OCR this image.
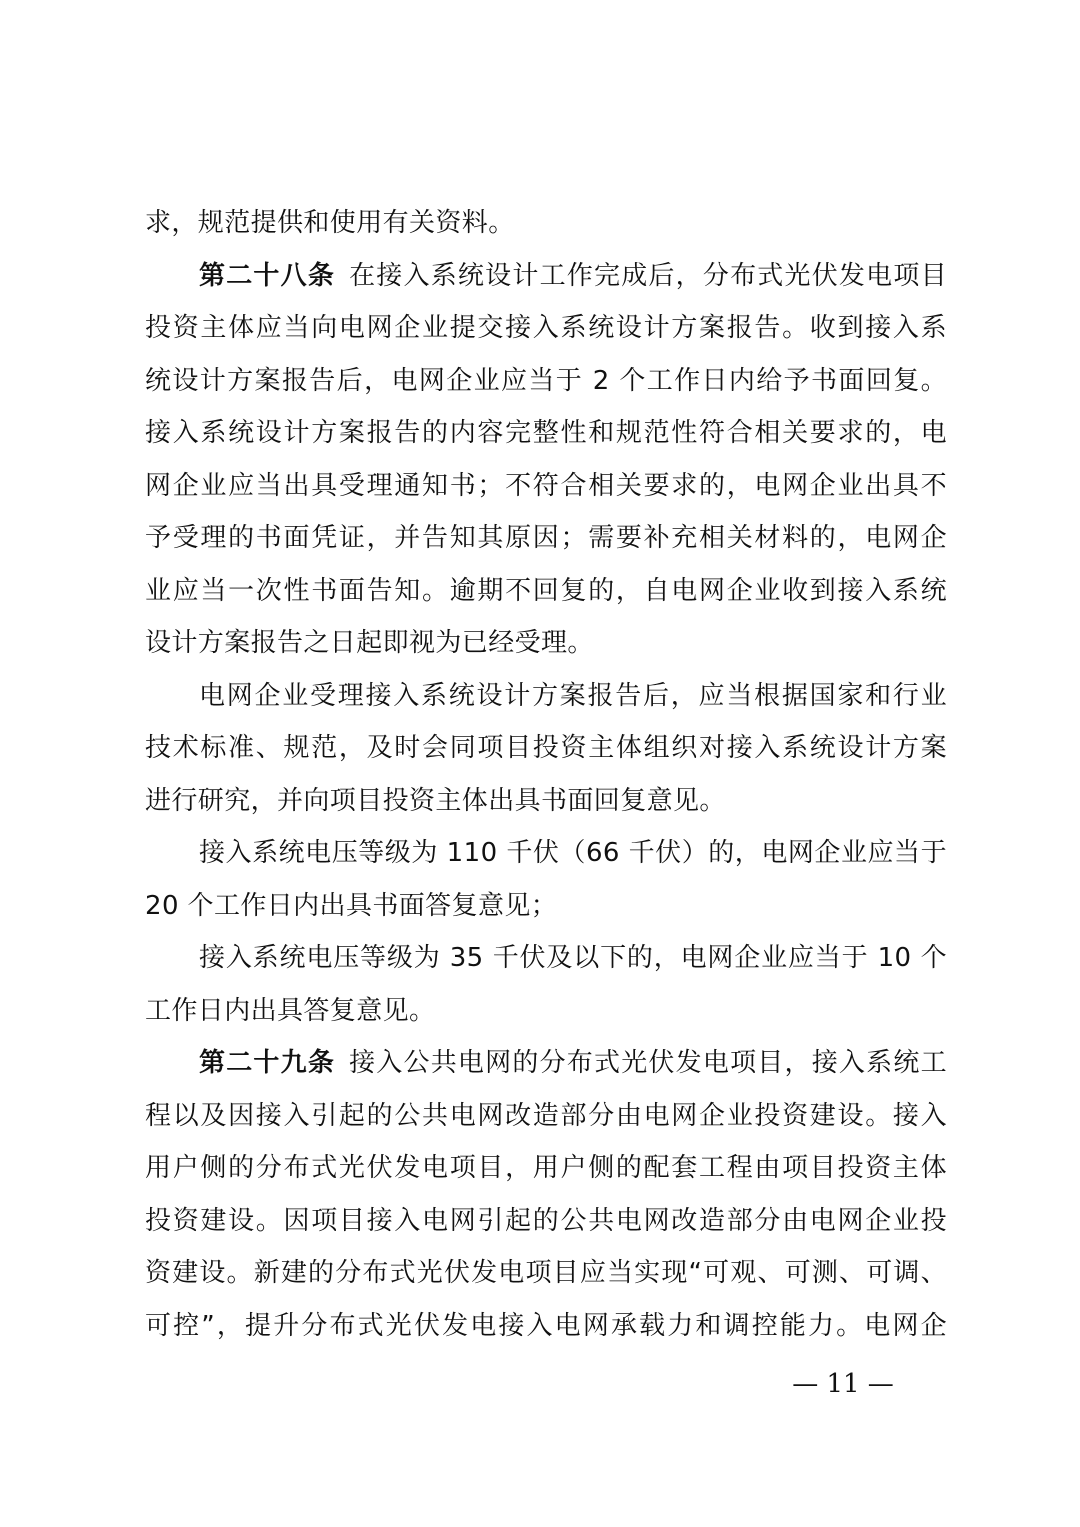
求，规范提供和使用有关资料。
第二十八条 在接入系统设计工作完成后，分布式光伏发电项目
投资主体应当向电网企业提交接入系统设计方案报告。收到接入系
统设计方案报告后，电网企业应当于 2 个工作日内给予书面回复。
接入系统设计方案报告的内容完整性和规范性符合相关要求的，电
网企业应当出具受理通知书；不符合相关要求的，电网企业出具不
予受理的书面凭证，并告知其原因；需要补充相关材料的，电网企
业应当一次性书面告知。逾期不回复的，自电网企业收到接入系统
设计方案报告之日起即视为已经受理。
电网企业受理接入系统设计方案报告后，应当根据国家和行业
技术标准、规范，及时会同项目投资主体组织对接入系统设计方案
进行研究，并向项目投资主体出具书面回复意见。
接入系统电压等级为 110 千伏（66 千伏）的，电网企业应当于
20 个工作日内出具书面答复意见；
接入系统电压等级为 35 千伏及以下的，电网企业应当于 10 个
工作日内出具答复意见。
第二十九条 接入公共电网的分布式光伏发电项目，接入系统工
程以及因接入引起的公共电网改造部分由电网企业投资建设。接入
用户侧的分布式光伏发电项目，用户侧的配套工程由项目投资主体
投资建设。因项目接入电网引起的公共电网改造部分由电网企业投
资建设。新建的分布式光伏发电项目应当实现“可观、可测、可调、
可控”，提升分布式光伏发电接入电网承载力和调控能力。电网企
— 11 —
